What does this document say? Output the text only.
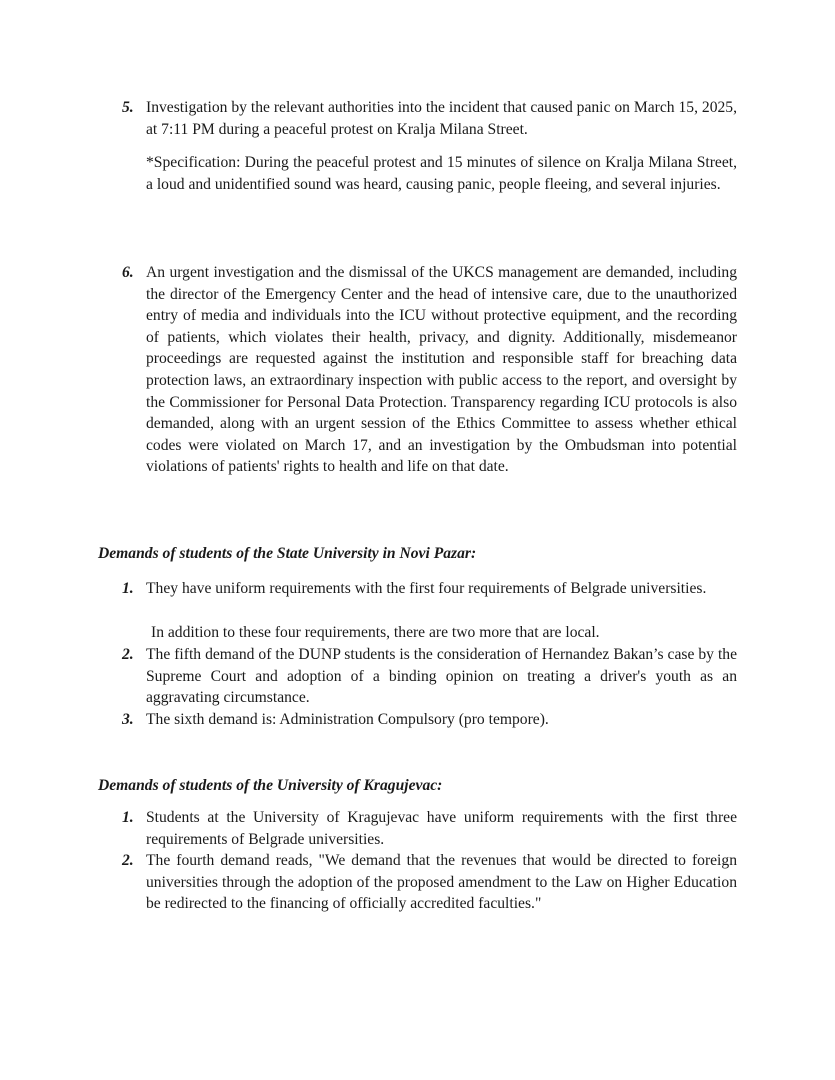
5. Investigation by the relevant authorities into the incident that caused panic on March 15, 2025, at 7:11 PM during a peaceful protest on Kralja Milana Street.
*Specification: During the peaceful protest and 15 minutes of silence on Kralja Milana Street, a loud and unidentified sound was heard, causing panic, people fleeing, and several injuries.
6. An urgent investigation and the dismissal of the UKCS management are demanded, including the director of the Emergency Center and the head of intensive care, due to the unauthorized entry of media and individuals into the ICU without protective equipment, and the recording of patients, which violates their health, privacy, and dignity. Additionally, misdemeanor proceedings are requested against the institution and responsible staff for breaching data protection laws, an extraordinary inspection with public access to the report, and oversight by the Commissioner for Personal Data Protection. Transparency regarding ICU protocols is also demanded, along with an urgent session of the Ethics Committee to assess whether ethical codes were violated on March 17, and an investigation by the Ombudsman into potential violations of patients' rights to health and life on that date.
Demands of students of the State University in Novi Pazar:
1. They have uniform requirements with the first four requirements of Belgrade universities.
In addition to these four requirements, there are two more that are local.
2. The fifth demand of the DUNP students is the consideration of Hernandez Bakan’s case by the Supreme Court and adoption of a binding opinion on treating a driver's youth as an aggravating circumstance.
3. The sixth demand is: Administration Compulsory (pro tempore).
Demands of students of the University of Kragujevac:
1. Students at the University of Kragujevac have uniform requirements with the first three requirements of Belgrade universities.
2. The fourth demand reads, "We demand that the revenues that would be directed to foreign universities through the adoption of the proposed amendment to the Law on Higher Education be redirected to the financing of officially accredited faculties."
